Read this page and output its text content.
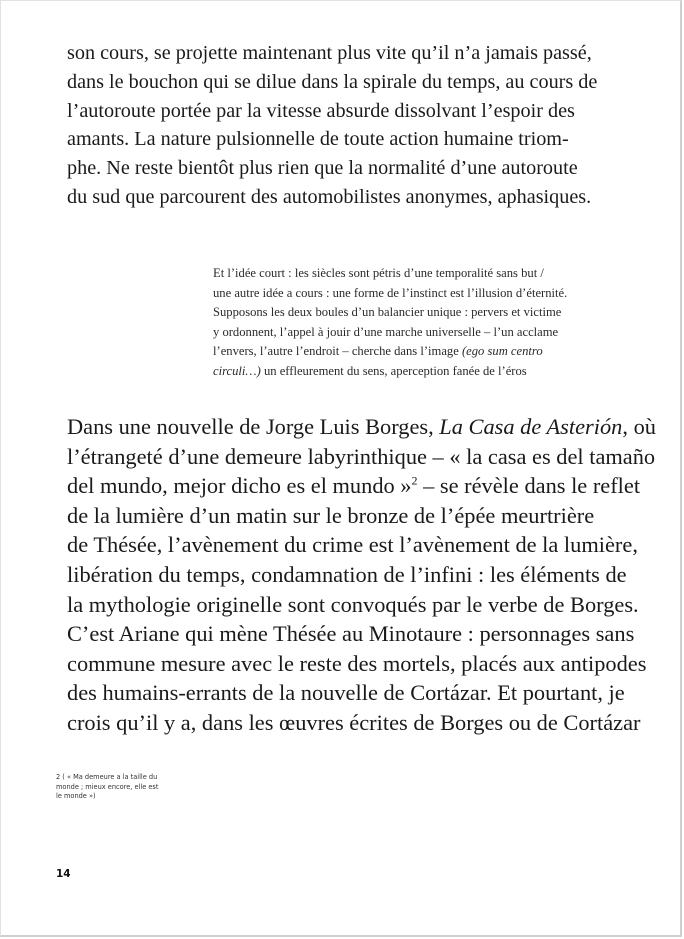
son cours, se projette maintenant plus vite qu’il n’a jamais passé,
dans le bouchon qui se dilue dans la spirale du temps, au cours de
l’autoroute portée par la vitesse absurde dissolvant l’espoir des
amants. La nature pulsionnelle de toute action humaine triom-
phe. Ne reste bientôt plus rien que la normalité d’une autoroute
du sud que parcourent des automobilistes anonymes, aphasiques.
Et l’idée court : les siècles sont pétris d’une temporalité sans but /
une autre idée a cours : une forme de l’instinct est l’illusion d’éternité.
Supposons les deux boules d’un balancier unique : pervers et victime
y ordonnent, l’appel à jouir d’une marche universelle – l’un acclame
l’envers, l’autre l’endroit – cherche dans l’image (ego sum centro
circuli…) un effleurement du sens, aperception fanée de l’éros
Dans une nouvelle de Jorge Luis Borges, La Casa de Asterión, où
l’étrangeté d’une demeure labyrinthique – « la casa es del tamaño
del mundo, mejor dicho es el mundo »$^2$ – se révèle dans le reflet
de la lumière d’un matin sur le bronze de l’épée meurtrière
de Thésée, l’avènement du crime est l’avènement de la lumière,
libération du temps, condamnation de l’infini : les éléments de
la mythologie originelle sont convoqués par le verbe de Borges.
C’est Ariane qui mène Thésée au Minotaure : personnages sans
commune mesure avec le reste des mortels, placés aux antipodes
des humains-errants de la nouvelle de Cortázar. Et pourtant, je
crois qu’il y a, dans les œuvres écrites de Borges ou de Cortázar
2 ( « Ma demeure a la taille du
monde ; mieux encore, elle est
le monde »)
14
